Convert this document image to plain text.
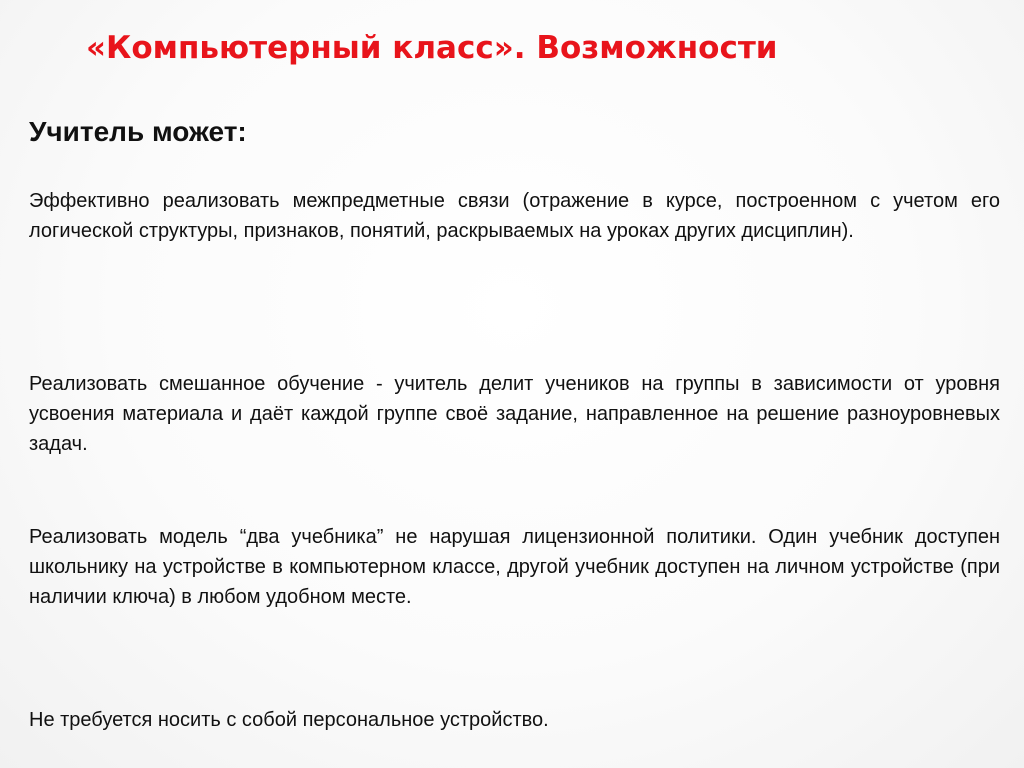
«Компьютерный класс». Возможности
Учитель может:

Эффективно реализовать межпредметные связи (отражение в курсе, построенном с учетом его логической структуры, признаков, понятий, раскрываемых на уроках других дисциплин).

Реализовать смешанное обучение - учитель делит учеников на группы в зависимости от уровня усвоения материала и даёт каждой группе своё задание, направленное на решение разноуровневых задач.

Реализовать модель “два учебника” не нарушая лицензионной политики. Один учебник доступен школьнику на устройстве в компьютерном классе, другой учебник доступен на личном устройстве (при наличии ключа) в любом удобном месте.

Не требуется носить с собой персональное устройство.
